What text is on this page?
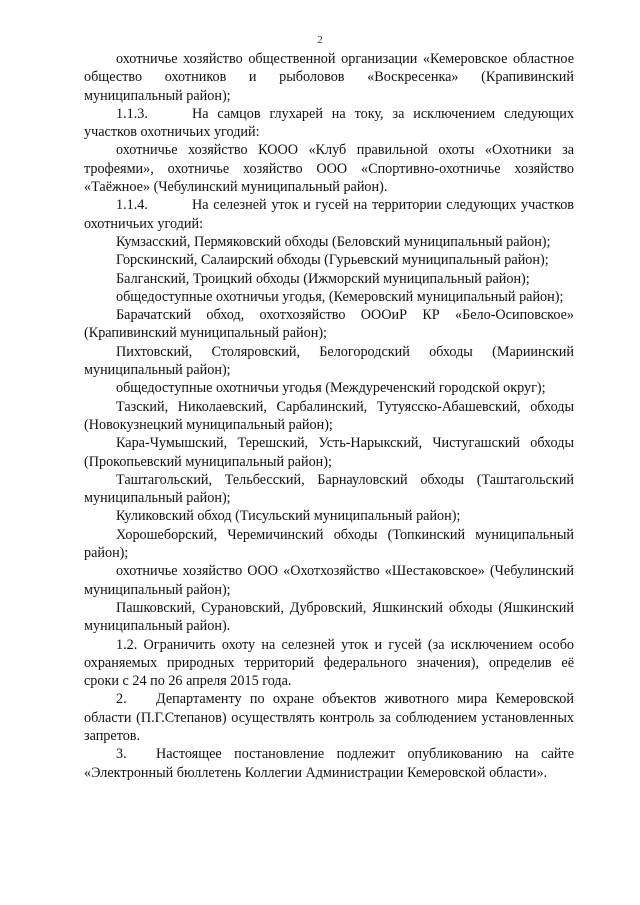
2

охотничье хозяйство общественной организации «Кемеровское областное общество охотников и рыболовов «Воскресенка» (Крапивинский муниципальный район);

1.1.3.	На самцов глухарей на току, за исключением следующих участков охотничьих угодий:

охотничье хозяйство КООО «Клуб правильной охоты «Охотники за трофеями», охотничье хозяйство ООО «Спортивно-охотничье хозяйство «Таёжное» (Чебулинский муниципальный район).

1.1.4.	На селезней уток и гусей на территории следующих участков охотничьих угодий:

Кумзасский, Пермяковский обходы (Беловский муниципальный район);

Горскинский, Салаирский обходы (Гурьевский муниципальный район);

Балганский, Троицкий обходы (Ижморский муниципальный район);

общедоступные охотничьи угодья, (Кемеровский муниципальный район);

Барачатский обход, охотхозяйство ОООиР КР «Бело-Осиповское» (Крапивинский муниципальный район);

Пихтовский, Столяровский, Белогородский обходы (Мариинский муниципальный район);

общедоступные охотничьи угодья (Междуреченский городской округ);

Тазский, Николаевский, Сарбалинский, Тутуясско-Абашевский, обходы (Новокузнецкий муниципальный район);

Кара-Чумышский, Терешский, Усть-Нарыкский, Чистугашский обходы (Прокопьевский муниципальный район);

Таштагольский, Тельбесский, Барнауловский обходы (Таштагольский муниципальный район);

Куликовский обход (Тисульский муниципальный район);

Хорошеборский, Черемичинский обходы (Топкинский муниципальный район);

охотничье хозяйство ООО «Охотхозяйство «Шестаковское» (Чебулинский муниципальный район);

Пашковский, Сурановский, Дубровский, Яшкинский обходы (Яшкинский муниципальный район).

1.2. Ограничить охоту на селезней уток и гусей (за исключением особо охраняемых природных территорий федерального значения), определив её сроки с 24 по 26 апреля 2015 года.

2. Департаменту по охране объектов животного мира Кемеровской области (П.Г.Степанов) осуществлять контроль за соблюдением установленных запретов.

3. Настоящее постановление подлежит опубликованию на сайте «Электронный бюллетень Коллегии Администрации Кемеровской области».
